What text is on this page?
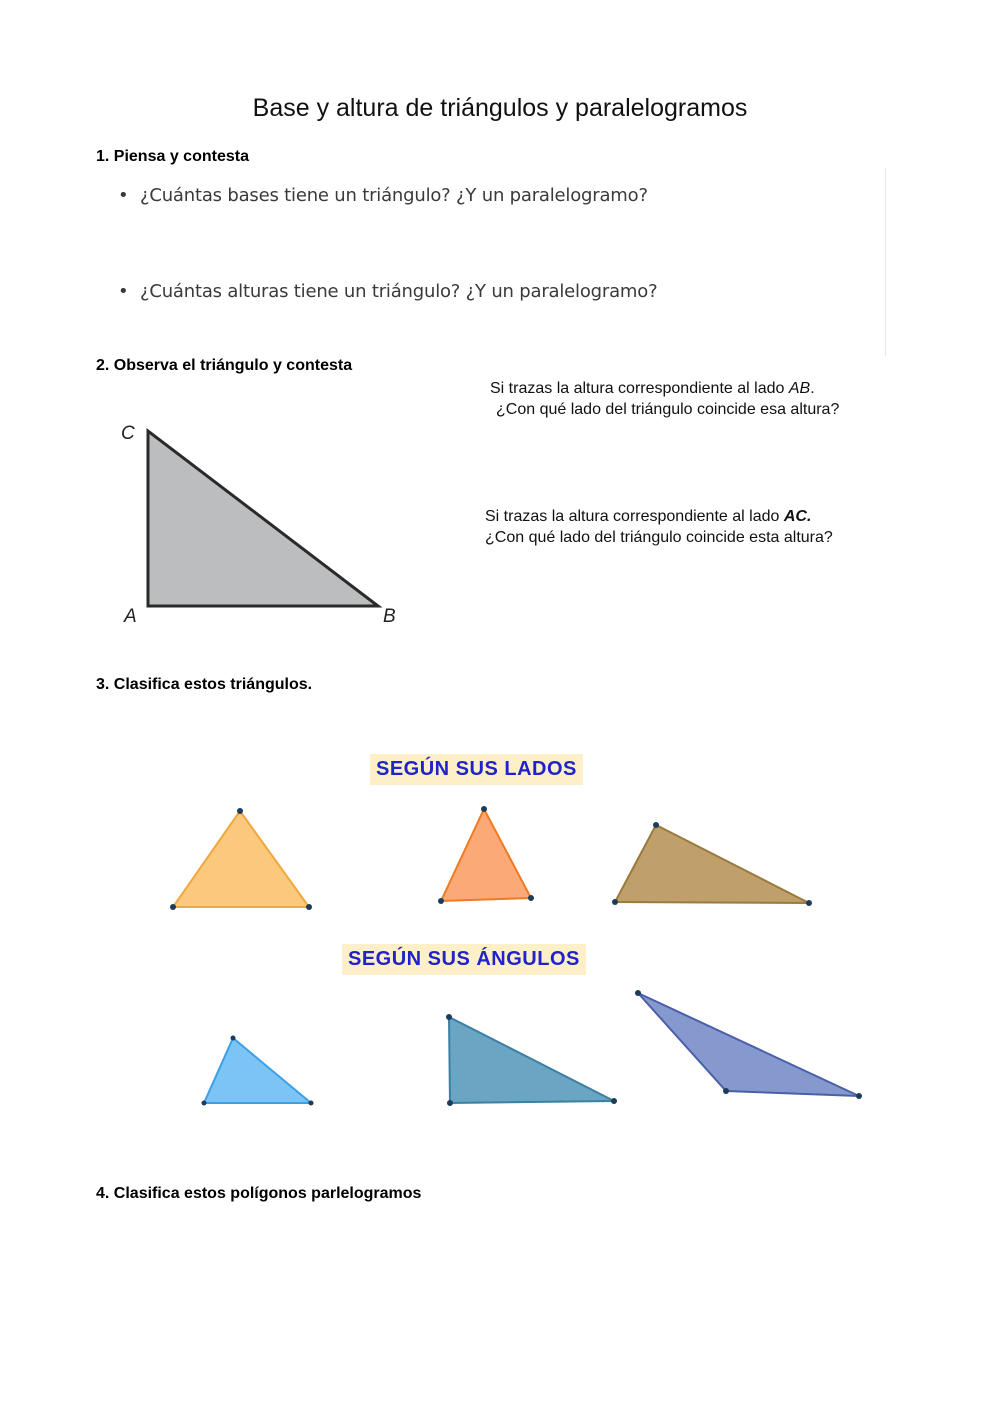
Base y altura de triángulos y paralelogramos
1. Piensa y contesta
• ¿Cuántas bases tiene un triángulo? ¿Y un paralelogramo?
• ¿Cuántas alturas tiene un triángulo? ¿Y un paralelogramo?
2. Observa el triángulo y contesta
C
A	B
Si trazas la altura correspondiente al lado AB.
¿Con qué lado del triángulo coincide esa altura?
Si trazas la altura correspondiente al lado AC.
¿Con qué lado del triángulo coincide esta altura?
3. Clasifica estos triángulos.
SEGÚN SUS LADOS
SEGÚN SUS ÁNGULOS
4. Clasifica estos polígonos parlelogramos
